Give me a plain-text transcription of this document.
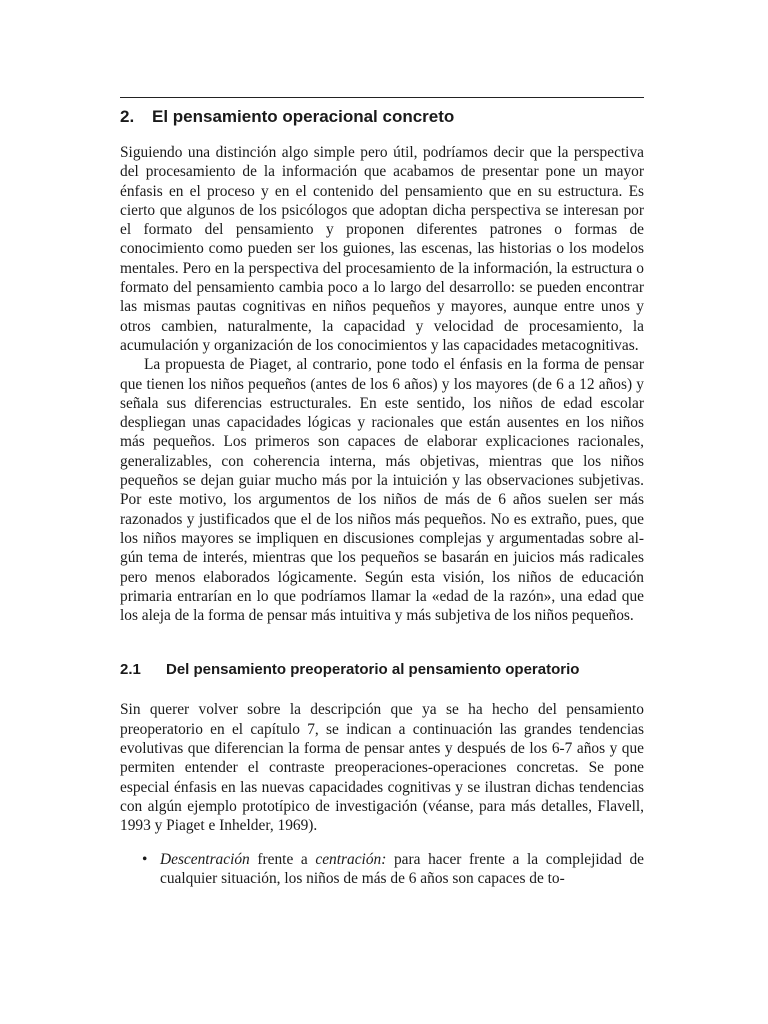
2.	El pensamiento operacional concreto

Siguiendo una distinción algo simple pero útil, podríamos decir que la perspectiva del procesamiento de la información que acabamos de presentar pone un mayor énfasis en el proceso y en el contenido del pensamiento que en su estructura. Es cierto que algunos de los psicólogos que adoptan dicha perspectiva se interesan por el formato del pensamiento y proponen diferentes patrones o formas de conocimiento como pueden ser los guiones, las escenas, las historias o los modelos mentales. Pero en la perspectiva del procesamiento de la información, la estructura o formato del pensamiento cambia poco a lo largo del desarrollo: se pueden encontrar las mismas pautas cognitivas en niños pequeños y mayores, aunque entre unos y otros cambien, naturalmente, la capacidad y velocidad de procesamiento, la acumulación y organización de los conocimientos y las capacidades metacognitivas.

La propuesta de Piaget, al contrario, pone todo el énfasis en la forma de pensar que tienen los niños pequeños (antes de los 6 años) y los mayores (de 6 a 12 años) y señala sus diferencias estructurales. En este sentido, los niños de edad escolar despliegan unas capacidades lógicas y racionales que están ausentes en los niños más pequeños. Los primeros son capaces de elaborar explicaciones racionales, generalizables, con coherencia interna, más objetivas, mientras que los niños pequeños se dejan guiar mucho más por la intuición y las observaciones subjetivas. Por este motivo, los argumentos de los niños de más de 6 años suelen ser más razonados y justificados que el de los niños más pequeños. No es extraño, pues, que los niños mayores se impliquen en discusiones complejas y argumentadas sobre algún tema de interés, mientras que los pequeños se basarán en juicios más radicales pero menos elaborados lógicamente. Según esta visión, los niños de educación primaria entrarían en lo que podríamos llamar la «edad de la razón», una edad que los aleja de la forma de pensar más intuitiva y más subjetiva de los niños pequeños.

2.1	Del pensamiento preoperatorio al pensamiento operatorio

Sin querer volver sobre la descripción que ya se ha hecho del pensamiento preoperatorio en el capítulo 7, se indican a continuación las grandes tendencias evolutivas que diferencian la forma de pensar antes y después de los 6-7 años y que permiten entender el contraste preoperaciones-operaciones concretas. Se pone especial énfasis en las nuevas capacidades cognitivas y se ilustran dichas tendencias con algún ejemplo prototípico de investigación (véanse, para más detalles, Flavell, 1993 y Piaget e Inhelder, 1969).

• Descentración frente a centración: para hacer frente a la complejidad de cualquier situación, los niños de más de 6 años son capaces de to-
